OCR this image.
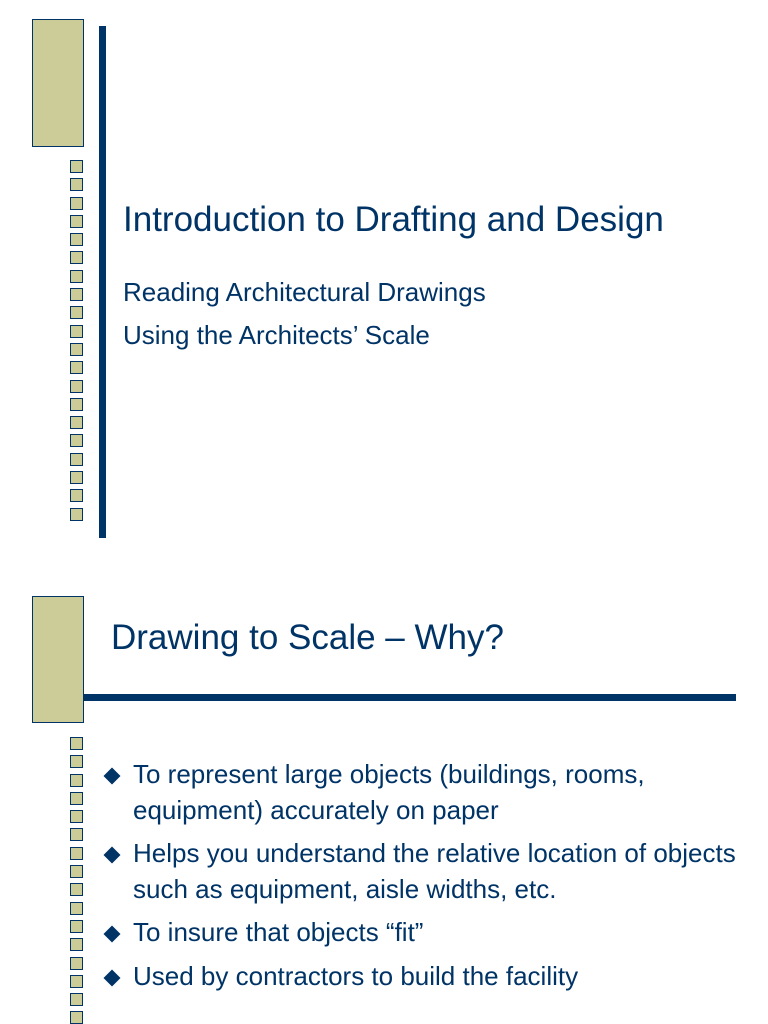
Introduction to Drafting and Design

Reading Architectural Drawings

Using the Architects’ Scale

Drawing to Scale – Why?
To represent large objects (buildings, rooms, equipment) accurately on paper
Helps you understand the relative location of objects such as equipment, aisle widths, etc.
To insure that objects “fit”
Used by contractors to build the facility
